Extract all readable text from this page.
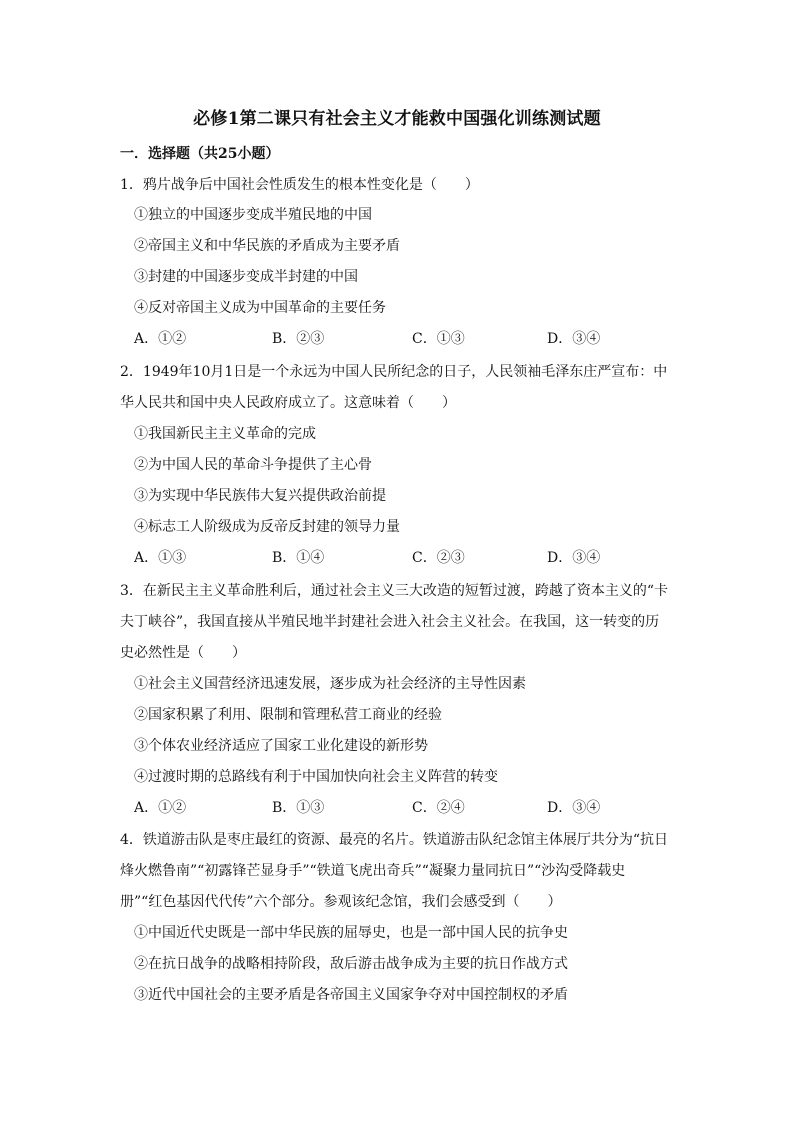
必修1第二课只有社会主义才能救中国强化训练测试题
一．选择题（共25小题）
1．鸦片战争后中国社会性质发生的根本性变化是（　　）
①独立的中国逐步变成半殖民地的中国
②帝国主义和中华民族的矛盾成为主要矛盾
③封建的中国逐步变成半封建的中国
④反对帝国主义成为中国革命的主要任务
A．①②	B．②③	C．①③	D．③④
2．1949年10月1日是一个永远为中国人民所纪念的日子，人民领袖毛泽东庄严宣布：中
华人民共和国中央人民政府成立了。这意味着（　　）
①我国新民主主义革命的完成
②为中国人民的革命斗争提供了主心骨
③为实现中华民族伟大复兴提供政治前提
④标志工人阶级成为反帝反封建的领导力量
A．①③	B．①④	C．②③	D．③④
3．在新民主主义革命胜利后，通过社会主义三大改造的短暂过渡，跨越了资本主义的“卡
夫丁峡谷”，我国直接从半殖民地半封建社会进入社会主义社会。在我国，这一转变的历
史必然性是（　　）
①社会主义国营经济迅速发展，逐步成为社会经济的主导性因素
②国家积累了利用、限制和管理私营工商业的经验
③个体农业经济适应了国家工业化建设的新形势
④过渡时期的总路线有利于中国加快向社会主义阵营的转变
A．①②	B．①③	C．②④	D．③④
4．铁道游击队是枣庄最红的资源、最亮的名片。铁道游击队纪念馆主体展厅共分为“抗日
烽火燃鲁南”“初露锋芒显身手”“铁道飞虎出奇兵”“凝聚力量同抗日”“沙沟受降载史
册”“红色基因代代传”六个部分。参观该纪念馆，我们会感受到（　　）
①中国近代史既是一部中华民族的屈辱史，也是一部中国人民的抗争史
②在抗日战争的战略相持阶段，敌后游击战争成为主要的抗日作战方式
③近代中国社会的主要矛盾是各帝国主义国家争夺对中国控制权的矛盾
